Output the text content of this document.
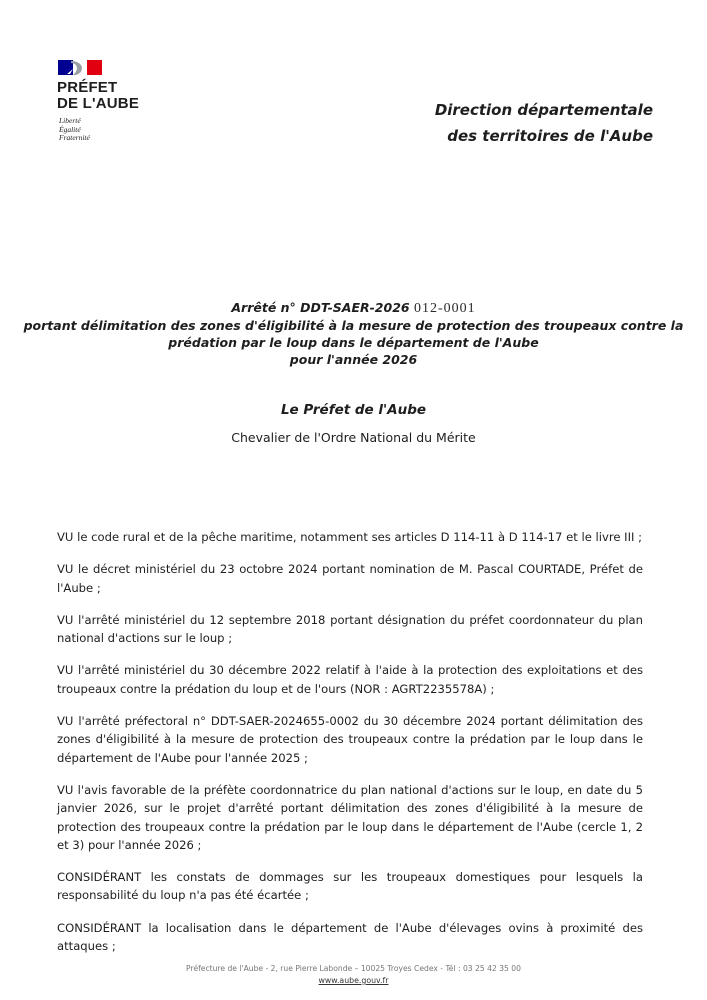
PRÉFET
DE L'AUBE
Liberté
Égalité
Fraternité
Direction départementale
des territoires de l'Aube
Arrêté n° DDT-SAER-2026 012-0001
portant délimitation des zones d'éligibilité à la mesure de protection des troupeaux contre la
prédation par le loup dans le département de l'Aube
pour l'année 2026
Le Préfet de l'Aube
Chevalier de l'Ordre National du Mérite

VU le code rural et de la pêche maritime, notamment ses articles D 114-11 à D 114-17 et le livre III ;

VU le décret ministériel du 23 octobre 2024 portant nomination de M. Pascal COURTADE, Préfet de l'Aube ;

VU l'arrêté ministériel du 12 septembre 2018 portant désignation du préfet coordonnateur du plan national d'actions sur le loup ;

VU l'arrêté ministériel du 30 décembre 2022 relatif à l'aide à la protection des exploitations et des troupeaux contre la prédation du loup et de l'ours (NOR : AGRT2235578A) ;

VU l'arrêté préfectoral n° DDT-SAER-2024655-0002 du 30 décembre 2024 portant délimitation des zones d'éligibilité à la mesure de protection des troupeaux contre la prédation par le loup dans le département de l'Aube pour l'année 2025 ;

VU l'avis favorable de la préfète coordonnatrice du plan national d'actions sur le loup, en date du 5 janvier 2026, sur le projet d'arrêté portant délimitation des zones d'éligibilité à la mesure de protection des troupeaux contre la prédation par le loup dans le département de l'Aube (cercle 1, 2 et 3) pour l'année 2026 ;

CONSIDÉRANT les constats de dommages sur les troupeaux domestiques pour lesquels la responsabilité du loup n'a pas été écartée ;

CONSIDÉRANT la localisation dans le département de l'Aube d'élevages ovins à proximité des attaques ;

Préfecture de l'Aube - 2, rue Pierre Labonde – 10025 Troyes Cedex - Tél : 03 25 42 35 00
www.aube.gouv.fr
